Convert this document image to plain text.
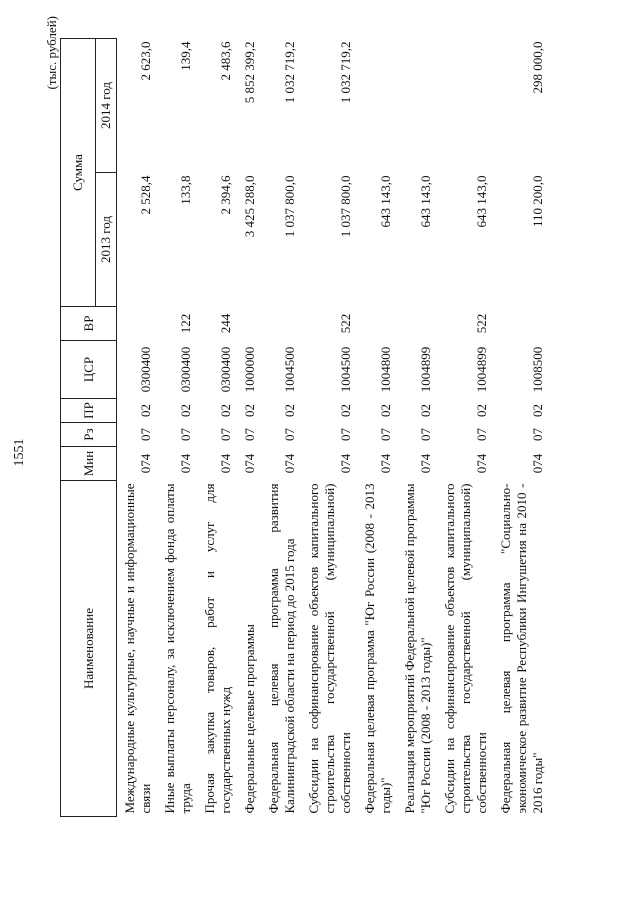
1551
(тыс. рублей)
Наименование	Мин	Рз	ПР	ЦСР	ВР	Сумма	
						2013 год	2014 год
Международные культурные, научные и информационные связи	074	07	02	0300400		2 528,4	2 623,0
Иные выплаты персоналу, за исключением фонда оплаты труда	074	07	02	0300400	122	133,8	139,4
Прочая закупка товаров, работ и услуг для государственных нужд	074	07	02	0300400	244	2 394,6	2 483,6
Федеральные целевые программы	074	07	02	1000000		3 425 288,0	5 852 399,2
Федеральная целевая программа развития Калининградской области на период до 2015 года	074	07	02	1004500		1 037 800,0	1 032 719,2
Субсидии на софинансирование объектов капитального строительства государственной (муниципальной) собственности	074	07	02	1004500	522	1 037 800,0	1 032 719,2
Федеральная целевая программа "Юг России (2008 - 2013 годы)"	074	07	02	1004800		643 143,0	
Реализация мероприятий Федеральной целевой программы "Юг России (2008 - 2013 годы)"	074	07	02	1004899		643 143,0	
Субсидии на софинансирование объектов капитального строительства государственной (муниципальной) собственности	074	07	02	1004899	522	643 143,0	
Федеральная целевая программа "Социально-экономическое развитие Республики Ингушетия на 2010 - 2016 годы"	074	07	02	1008500		110 200,0	298 000,0
